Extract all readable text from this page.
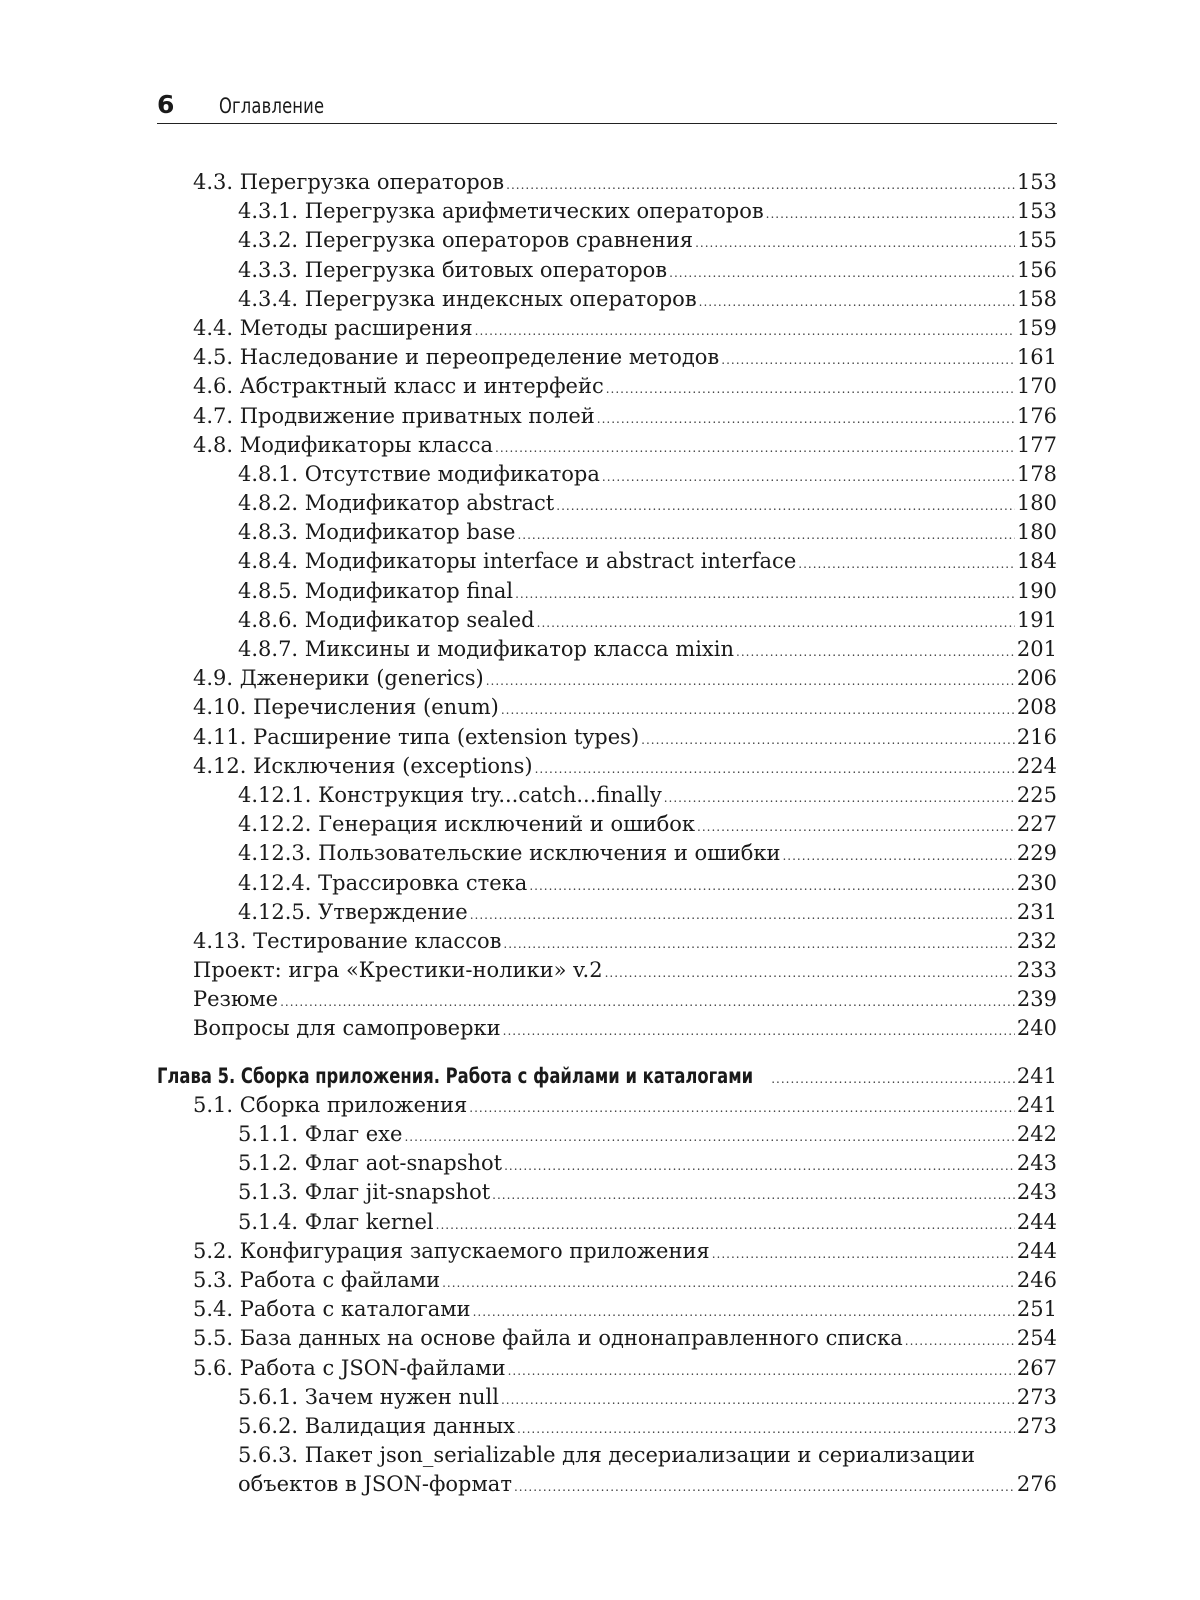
6 Оглавление
4.3. Перегрузка операторов .....	153
4.3.1. Перегрузка арифметических операторов .....	153
4.3.2. Перегрузка операторов сравнения .....	155
4.3.3. Перегрузка битовых операторов .....	156
4.3.4. Перегрузка индексных операторов .....	158
4.4. Методы расширения .....	159
4.5. Наследование и переопределение методов .....	161
4.6. Абстрактный класс и интерфейс .....	170
4.7. Продвижение приватных полей .....	176
4.8. Модификаторы класса .....	177
4.8.1. Отсутствие модификатора .....	178
4.8.2. Модификатор abstract .....	180
4.8.3. Модификатор base .....	180
4.8.4. Модификаторы interface и abstract interface .....	184
4.8.5. Модификатор final .....	190
4.8.6. Модификатор sealed .....	191
4.8.7. Миксины и модификатор класса mixin .....	201
4.9. Дженерики (generics) .....	206
4.10. Перечисления (enum) .....	208
4.11. Расширение типа (extension types) .....	216
4.12. Исключения (exceptions) .....	224
4.12.1. Конструкция try...catch...finally .....	225
4.12.2. Генерация исключений и ошибок .....	227
4.12.3. Пользовательские исключения и ошибки .....	229
4.12.4. Трассировка стека .....	230
4.12.5. Утверждение .....	231
4.13. Тестирование классов .....	232
Проект: игра «Крестики-нолики» v.2 .....	233
Резюме .....	239
Вопросы для самопроверки .....	240
Глава 5. Сборка приложения. Работа с файлами и каталогами .....	241
5.1. Сборка приложения .....	241
5.1.1. Флаг exe .....	242
5.1.2. Флаг aot-snapshot .....	243
5.1.3. Флаг jit-snapshot .....	243
5.1.4. Флаг kernel .....	244
5.2. Конфигурация запускаемого приложения .....	244
5.3. Работа с файлами .....	246
5.4. Работа с каталогами .....	251
5.5. База данных на основе файла и однонаправленного списка .....	254
5.6. Работа с JSON-файлами .....	267
5.6.1. Зачем нужен null .....	273
5.6.2. Валидация данных .....	273
5.6.3. Пакет json_serializable для десериализации и сериализации
объектов в JSON-формат .....	276
